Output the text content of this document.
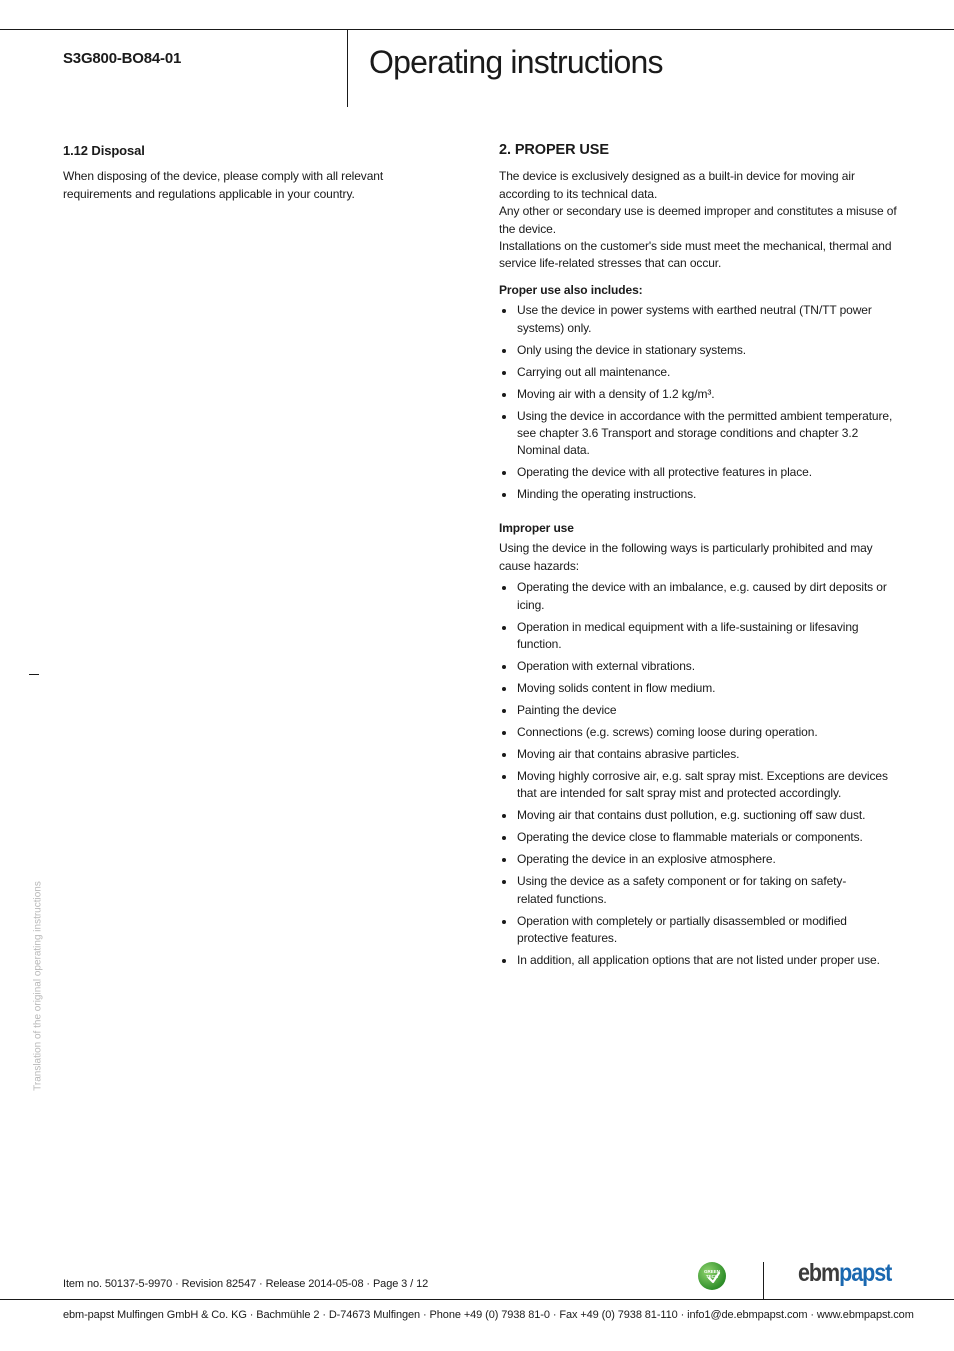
S3G800-BO84-01	Operating instructions
1.12 Disposal

When disposing of the device, please comply with all relevant requirements and regulations applicable in your country.

2. PROPER USE

The device is exclusively designed as a built-in device for moving air according to its technical data.

Any other or secondary use is deemed improper and constitutes a misuse of the device.

Installations on the customer's side must meet the mechanical, thermal and service life-related stresses that can occur.

Proper use also includes:
Use the device in power systems with earthed neutral (TN/TT power systems) only.
Only using the device in stationary systems.
Carrying out all maintenance.
Moving air with a density of 1.2 kg/m³.
Using the device in accordance with the permitted ambient temperature, see chapter 3.6 Transport and storage conditions and chapter 3.2 Nominal data.
Operating the device with all protective features in place.
Minding the operating instructions.
Improper use

Using the device in the following ways is particularly prohibited and may cause hazards:

Operating the device with an imbalance, e.g. caused by dirt deposits or icing.
Operation in medical equipment with a life-sustaining or lifesaving function.
Operation with external vibrations.
Moving solids content in flow medium.
Painting the device
Connections (e.g. screws) coming loose during operation.
Moving air that contains abrasive particles.
Moving highly corrosive air, e.g. salt spray mist. Exceptions are devices that are intended for salt spray mist and protected accordingly.
Moving air that contains dust pollution, e.g. suctioning off saw dust.
Operating the device close to flammable materials or components.
Operating the device in an explosive atmosphere.
Using the device as a safety component or for taking on safety-related functions.
Operation with completely or partially disassembled or modified protective features.
In addition, all application options that are not listed under proper use.
Translation of the original operating instructions
Item no. 50137-5-9970 · Revision 82547 · Release 2014-05-08 · Page 3 / 12
GREEN
TECH	ebmpapst
ebm-papst Mulfingen GmbH & Co. KG · Bachmühle 2 · D-74673 Mulfingen · Phone +49 (0) 7938 81-0 · Fax +49 (0) 7938 81-110 · info1@de.ebmpapst.com · www.ebmpapst.com
